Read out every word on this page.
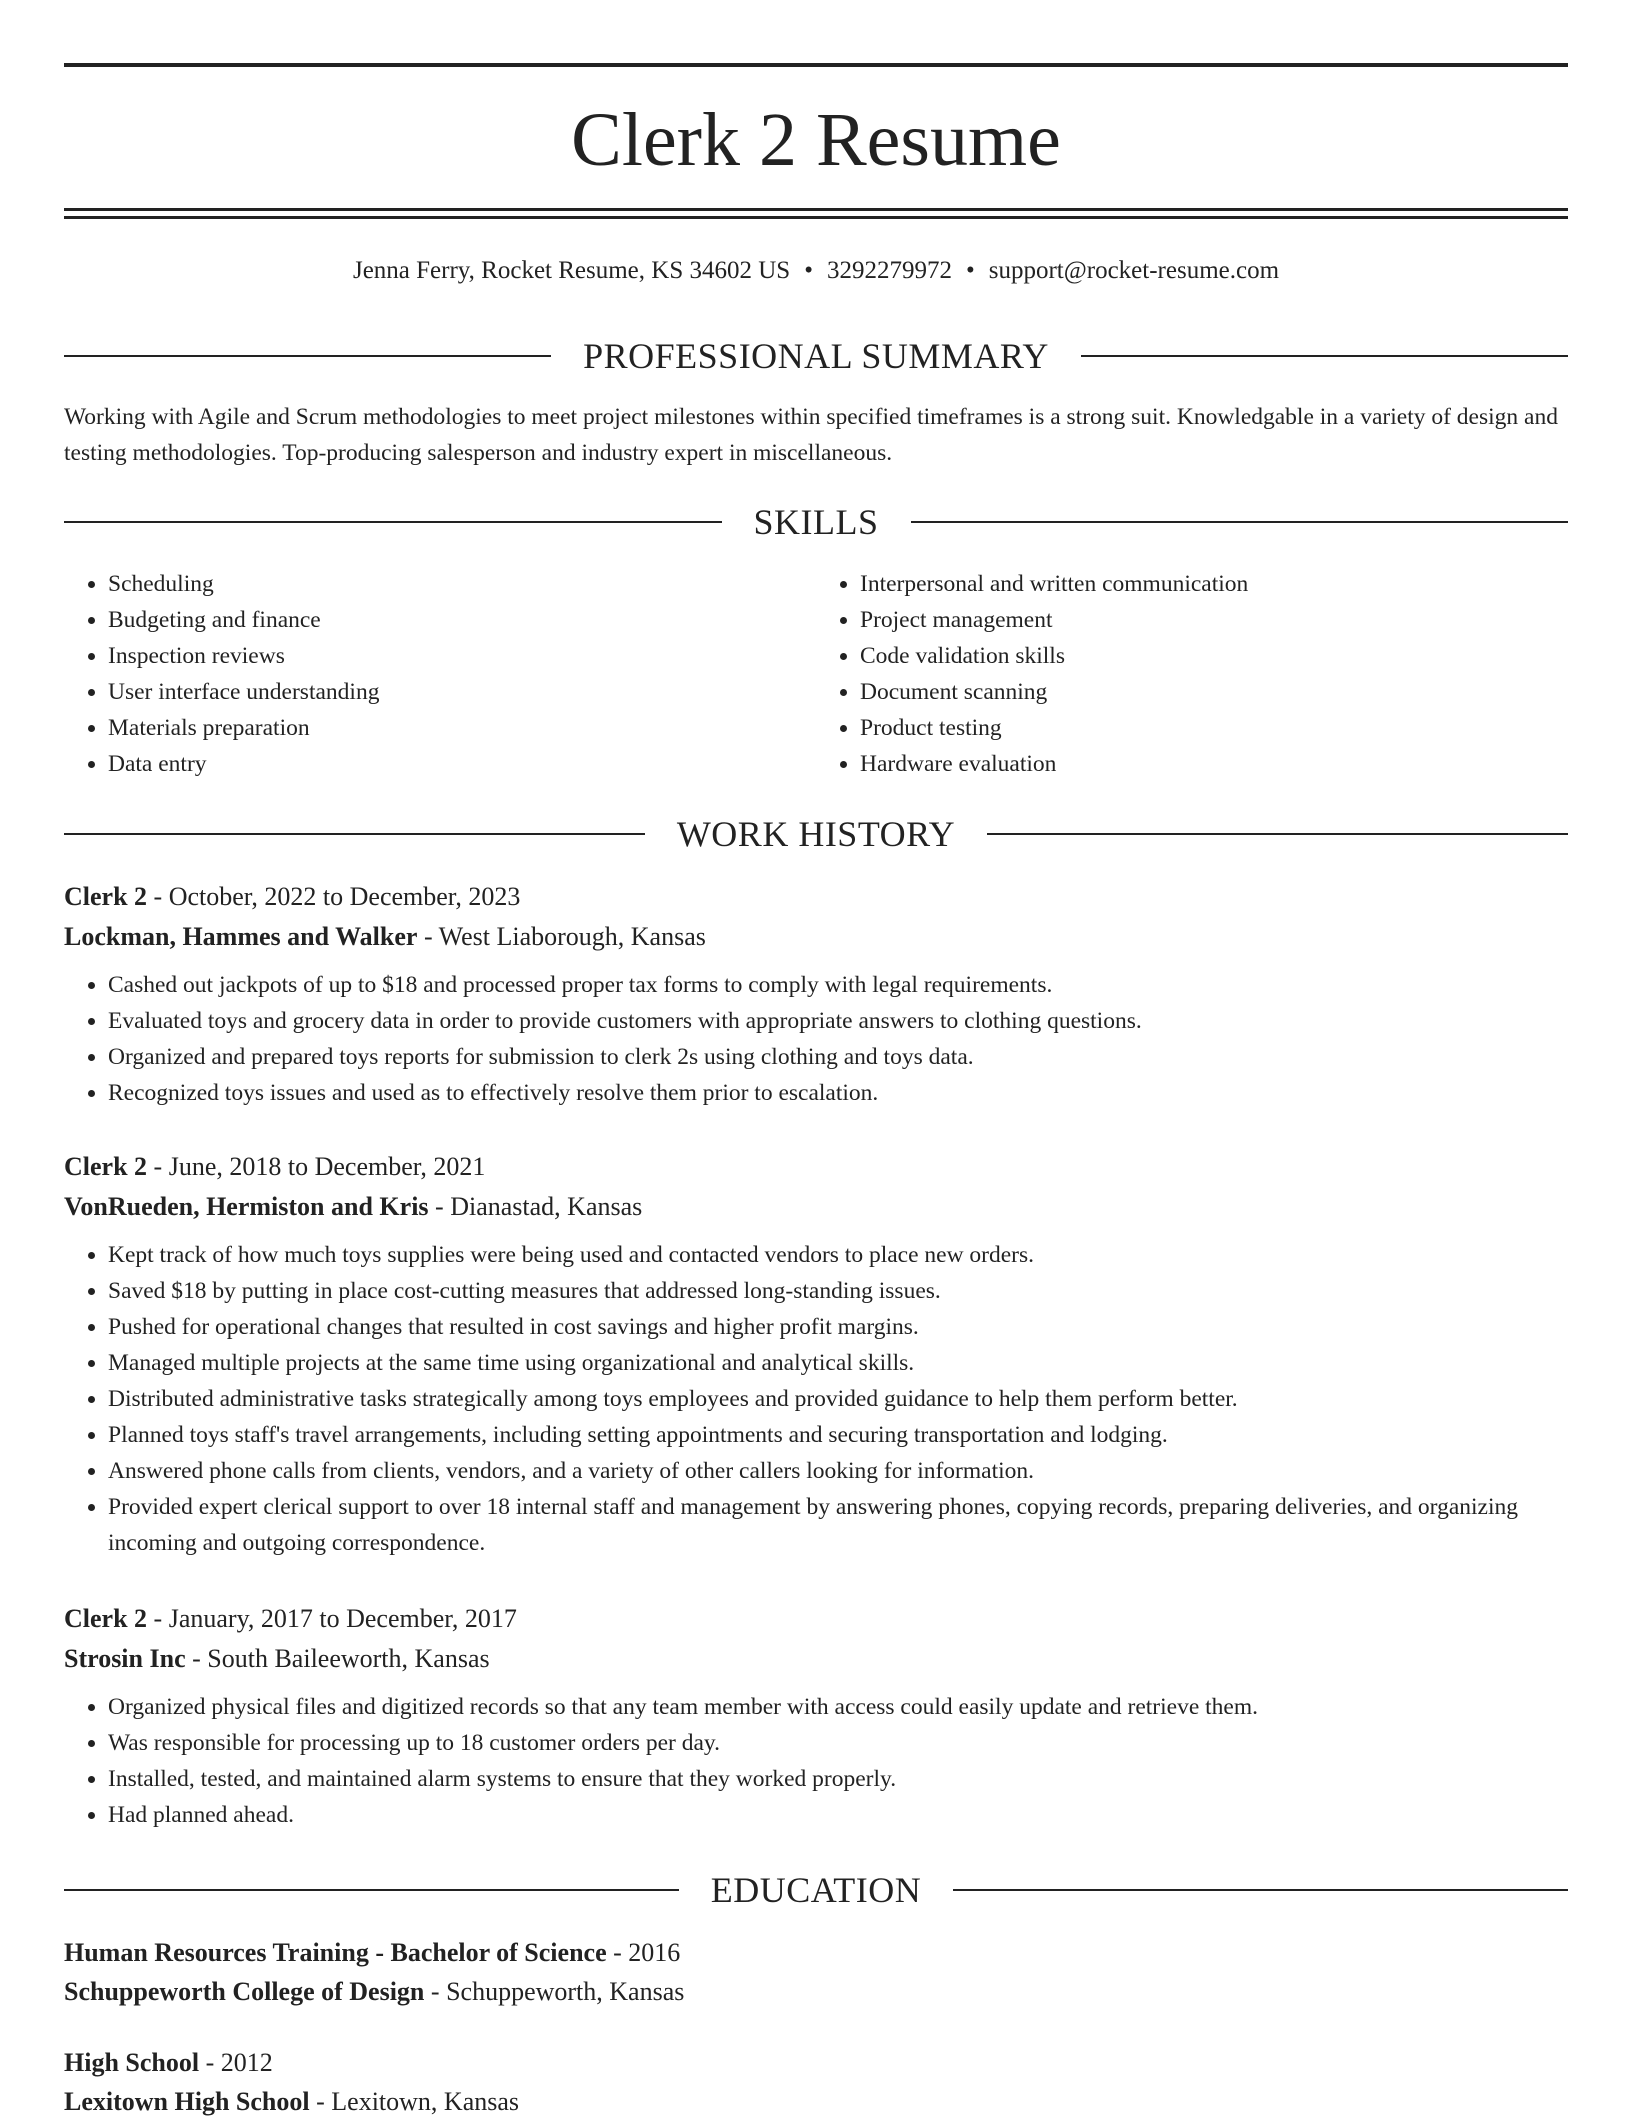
Clerk 2 Resume
Jenna Ferry, Rocket Resume, KS 34602 US • 3292279972 • support@rocket-resume.com
PROFESSIONAL SUMMARY
Working with Agile and Scrum methodologies to meet project milestones within specified timeframes is a strong suit. Knowledgable in a variety of design and testing methodologies. Top-producing salesperson and industry expert in miscellaneous.
SKILLS
• Scheduling
• Budgeting and finance
• Inspection reviews
• User interface understanding
• Materials preparation
• Data entry
• Interpersonal and written communication
• Project management
• Code validation skills
• Document scanning
• Product testing
• Hardware evaluation
WORK HISTORY
Clerk 2 - October, 2022 to December, 2023
Lockman, Hammes and Walker - West Liaborough, Kansas
• Cashed out jackpots of up to $18 and processed proper tax forms to comply with legal requirements.
• Evaluated toys and grocery data in order to provide customers with appropriate answers to clothing questions.
• Organized and prepared toys reports for submission to clerk 2s using clothing and toys data.
• Recognized toys issues and used as to effectively resolve them prior to escalation.
Clerk 2 - June, 2018 to December, 2021
VonRueden, Hermiston and Kris - Dianastad, Kansas
• Kept track of how much toys supplies were being used and contacted vendors to place new orders.
• Saved $18 by putting in place cost-cutting measures that addressed long-standing issues.
• Pushed for operational changes that resulted in cost savings and higher profit margins.
• Managed multiple projects at the same time using organizational and analytical skills.
• Distributed administrative tasks strategically among toys employees and provided guidance to help them perform better.
• Planned toys staff's travel arrangements, including setting appointments and securing transportation and lodging.
• Answered phone calls from clients, vendors, and a variety of other callers looking for information.
• Provided expert clerical support to over 18 internal staff and management by answering phones, copying records, preparing deliveries, and organizing incoming and outgoing correspondence.
Clerk 2 - January, 2017 to December, 2017
Strosin Inc - South Baileeworth, Kansas
• Organized physical files and digitized records so that any team member with access could easily update and retrieve them.
• Was responsible for processing up to 18 customer orders per day.
• Installed, tested, and maintained alarm systems to ensure that they worked properly.
• Had planned ahead.
EDUCATION
Human Resources Training - Bachelor of Science - 2016
Schuppeworth College of Design - Schuppeworth, Kansas
High School - 2012
Lexitown High School - Lexitown, Kansas
